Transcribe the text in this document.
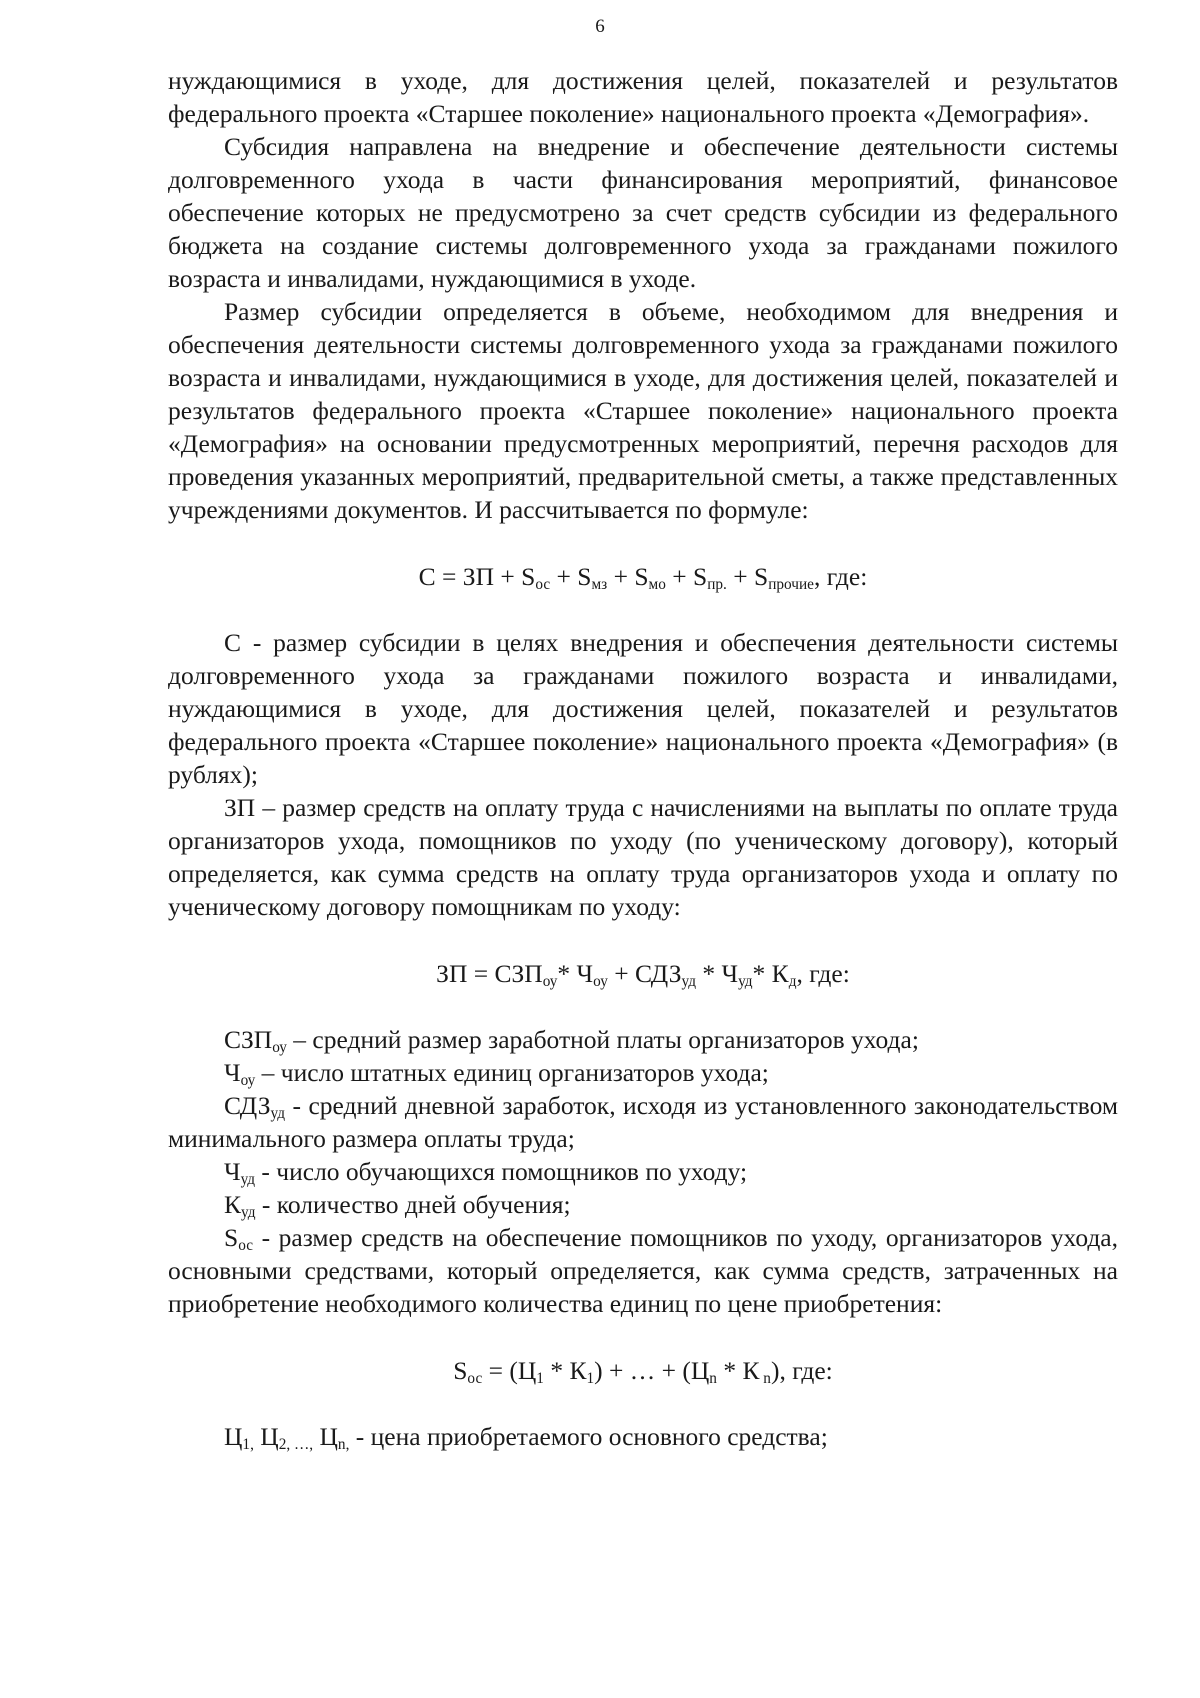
6

нуждающимися в уходе, для достижения целей, показателей и результатов федерального проекта «Старшее поколение» национального проекта «Демография».

Субсидия направлена на внедрение и обеспечение деятельности системы долговременного ухода в части финансирования мероприятий, финансовое обеспечение которых не предусмотрено за счет средств субсидии из федерального бюджета на создание системы долговременного ухода за гражданами пожилого возраста и инвалидами, нуждающимися в уходе.

Размер субсидии определяется в объеме, необходимом для внедрения и обеспечения деятельности системы долговременного ухода за гражданами пожилого возраста и инвалидами, нуждающимися в уходе, для достижения целей, показателей и результатов федерального проекта «Старшее поколение» национального проекта «Демография» на основании предусмотренных мероприятий, перечня расходов для проведения указанных мероприятий, предварительной сметы, а также представленных учреждениями документов. И рассчитывается по формуле:

С = ЗП + $S_{ос} + S_{мз} + S_{мо} + S_{пр.} + S_{прочие}$, где:

С - размер субсидии в целях внедрения и обеспечения деятельности системы долговременного ухода за гражданами пожилого возраста и инвалидами, нуждающимися в уходе, для достижения целей, показателей и результатов федерального проекта «Старшее поколение» национального проекта «Демография» (в рублях);

ЗП – размер средств на оплату труда с начислениями на выплаты по оплате труда организаторов ухода, помощников по уходу (по ученическому договору), который определяется, как сумма средств на оплату труда организаторов ухода и оплату по ученическому договору помощникам по уходу:

ЗП = $СЗП_{оу}*$ $Ч_{оу} + СДЗ_{уд} * Ч_{уд}*$ $К_д$, где:

$СЗП_{оу}$ – средний размер заработной платы организаторов ухода;

$Ч_{оу}$ – число штатных единиц организаторов ухода;

$СДЗ_{уд}$ - средний дневной заработок, исходя из установленного законодательством минимального размера оплаты труда;

$Ч_{уд}$ - число обучающихся помощников по уходу;

$К_{уд}$ - количество дней обучения;

$S_{ос}$ - размер средств на обеспечение помощников по уходу, организаторов ухода, основными средствами, который определяется, как сумма средств, затраченных на приобретение необходимого количества единиц по цене приобретения:

$S_{ос} = (Ц_1 * К_1)$ + … + ($Ц_n$ * К $_n$), где:

$Ц_{1,}$ $Ц_{2, \dots,}$ $Ц_{n,}$ - цена приобретаемого основного средства;
